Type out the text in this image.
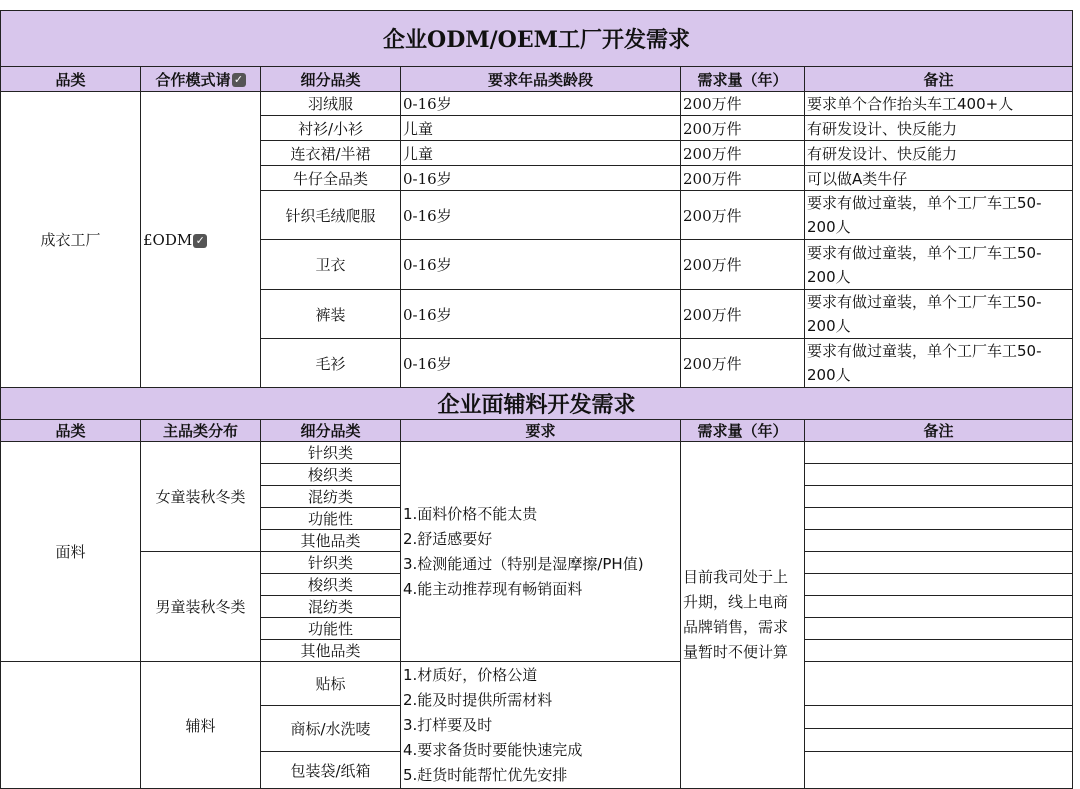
企业ODM/OEM工厂开发需求					
品类	合作模式请 ✓	细分品类	要求年品类龄段	需求量（年）	备注
成衣工厂	£ODM ✓	羽绒服	0-16岁	200万件	要求单个合作抬头车工400+人
		衬衫/小衫	儿童	200万件	有研发设计、快反能力
		连衣裙/半裙	儿童	200万件	有研发设计、快反能力
		牛仔全品类	0-16岁	200万件	可以做A类牛仔
		针织毛绒爬服	0-16岁	200万件	要求有做过童装，单个工厂车工50-200人
		卫衣	0-16岁	200万件	要求有做过童装，单个工厂车工50-200人
		裤装	0-16岁	200万件	要求有做过童装，单个工厂车工50-200人
		毛衫	0-16岁	200万件	要求有做过童装，单个工厂车工50-200人
企业面辅料开发需求					
品类	主品类分布	细分品类	要求	需求量（年）	备注
面料	女童装秋冬类	针织类	1.面料价格不能太贵
2.舒适感要好
3.检测能通过（特别是湿摩擦/PH值)
4.能主动推荐现有畅销面料	目前我司处于上升期，线上电商品牌销售，需求量暂时不便计算	
		梭织类			
		混纺类			
		功能性			
		其他品类			
	男童装秋冬类	针织类			
		梭织类			
		混纺类			
		功能性			
		其他品类			
	辅料	贴标	1.材质好，价格公道
2.能及时提供所需材料
3.打样要及时
4.要求备货时要能快速完成
5.赶货时能帮忙优先安排		

		商标/水洗唛			

		包装袋/纸箱			
